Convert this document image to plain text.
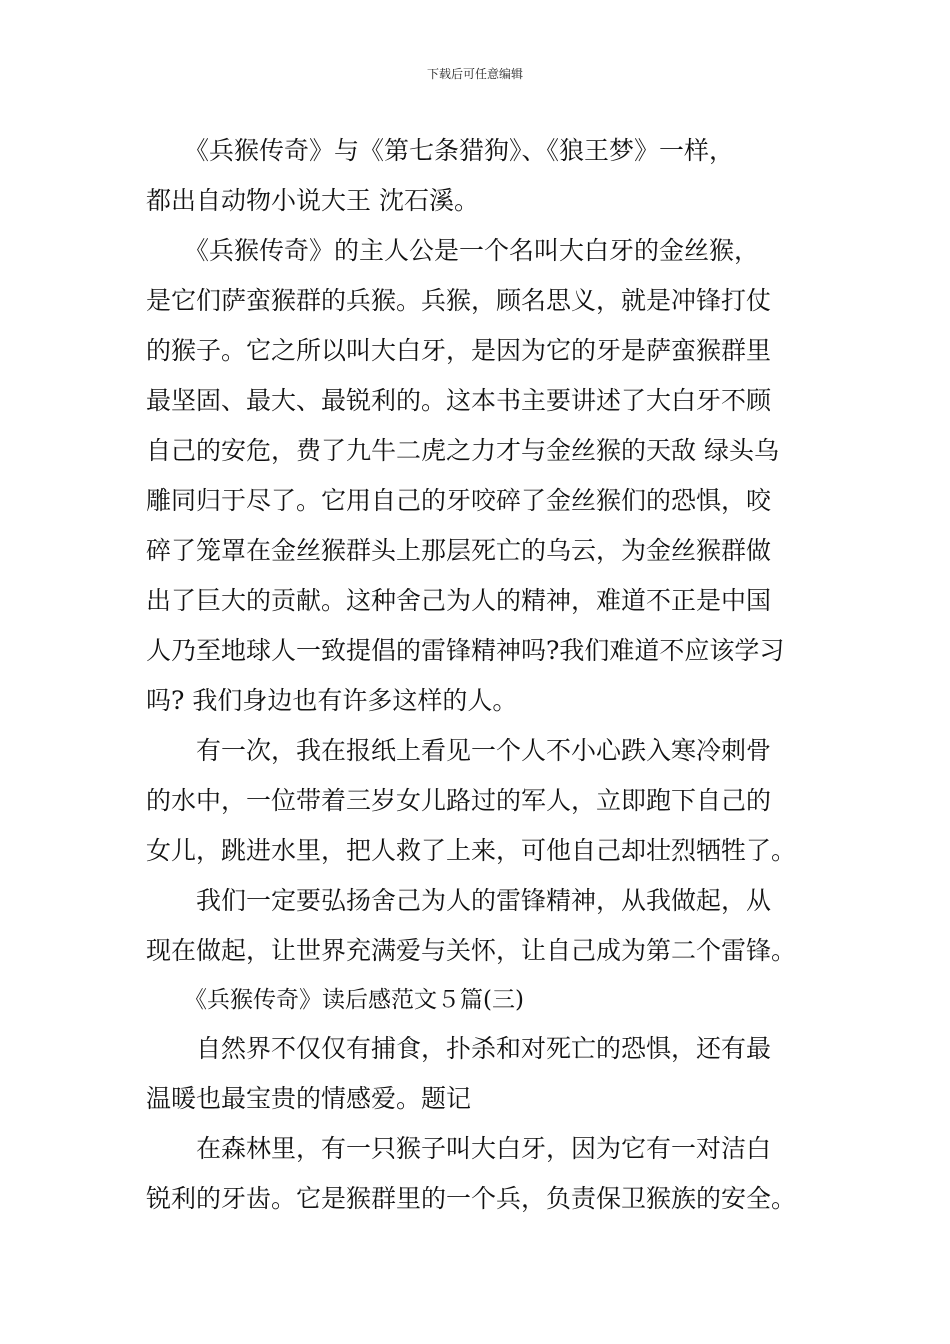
下载后可任意编辑
《兵猴传奇》与《第七条猎狗》、《狼王梦》一样，
都出自动物小说大王 沈石溪。
《兵猴传奇》的主人公是一个名叫大白牙的金丝猴，
是它们萨蛮猴群的兵猴。兵猴，顾名思义，就是冲锋打仗
的猴子。它之所以叫大白牙，是因为它的牙是萨蛮猴群里
最坚固、最大、最锐利的。这本书主要讲述了大白牙不顾
自己的安危，费了九牛二虎之力才与金丝猴的天敌 绿头乌
雕同归于尽了。它用自己的牙咬碎了金丝猴们的恐惧，咬
碎了笼罩在金丝猴群头上那层死亡的乌云，为金丝猴群做
出了巨大的贡献。这种舍己为人的精神，难道不正是中国
人乃至地球人一致提倡的雷锋精神吗?我们难道不应该学习
吗? 我们身边也有许多这样的人。
有一次，我在报纸上看见一个人不小心跌入寒冷刺骨
的水中，一位带着三岁女儿路过的军人，立即跑下自己的
女儿，跳进水里，把人救了上来，可他自己却壮烈牺牲了。
我们一定要弘扬舍己为人的雷锋精神，从我做起，从
现在做起，让世界充满爱与关怀，让自己成为第二个雷锋。
《兵猴传奇》读后感范文５篇(三)
自然界不仅仅有捕食，扑杀和对死亡的恐惧，还有最
温暖也最宝贵的情感爱。题记
在森林里，有一只猴子叫大白牙，因为它有一对洁白
锐利的牙齿。它是猴群里的一个兵，负责保卫猴族的安全。
